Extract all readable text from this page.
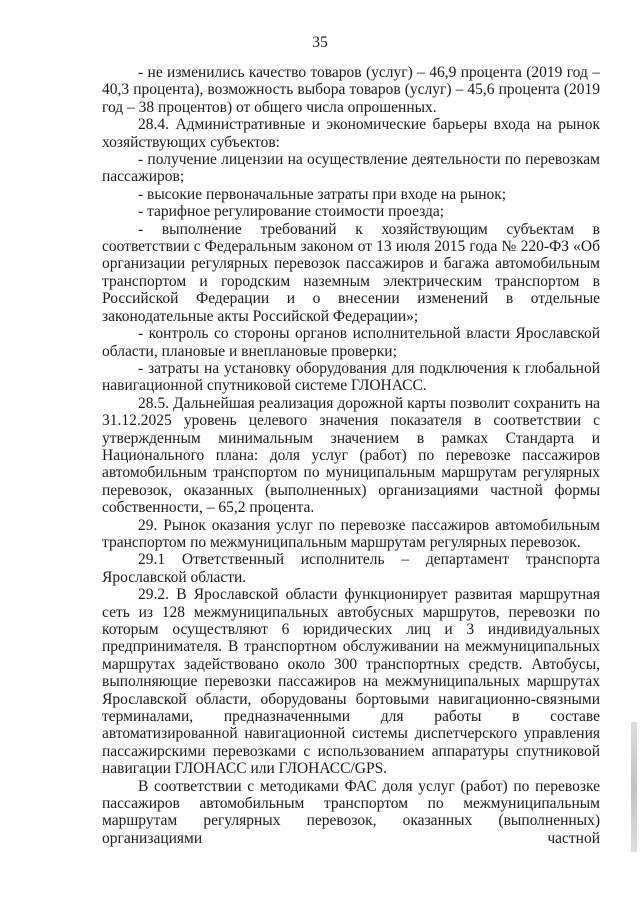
35

- не изменились качество товаров (услуг) – 46,9 процента (2019 год – 40,3 процента), возможность выбора товаров (услуг) – 45,6 процента (2019 год – 38 процентов) от общего числа опрошенных.

28.4. Административные и экономические барьеры входа на рынок хозяйствующих субъектов:

- получение лицензии на осуществление деятельности по перевозкам пассажиров;

- высокие первоначальные затраты при входе на рынок;

- тарифное регулирование стоимости проезда;

- выполнение требований к хозяйствующим субъектам в соответствии с Федеральным законом от 13 июля 2015 года № 220-ФЗ «Об организации регулярных перевозок пассажиров и багажа автомобильным транспортом и городским наземным электрическим транспортом в Российской Федерации и о внесении изменений в отдельные законодательные акты Российской Федерации»;

- контроль со стороны органов исполнительной власти Ярославской области, плановые и внеплановые проверки;

- затраты на установку оборудования для подключения к глобальной навигационной спутниковой системе ГЛОНАСС.

28.5. Дальнейшая реализация дорожной карты позволит сохранить на 31.12.2025 уровень целевого значения показателя в соответствии с утвержденным минимальным значением в рамках Стандарта и Национального плана: доля услуг (работ) по перевозке пассажиров автомобильным транспортом по муниципальным маршрутам регулярных перевозок, оказанных (выполненных) организациями частной формы собственности, – 65,2 процента.

29. Рынок оказания услуг по перевозке пассажиров автомобильным транспортом по межмуниципальным маршрутам регулярных перевозок.

29.1 Ответственный исполнитель – департамент транспорта Ярославской области.

29.2. В Ярославской области функционирует развитая маршрутная сеть из 128 межмуниципальных автобусных маршрутов, перевозки по которым осуществляют 6 юридических лиц и 3 индивидуальных предпринимателя. В транспортном обслуживании на межмуниципальных маршрутах задействовано около 300 транспортных средств. Автобусы, выполняющие перевозки пассажиров на межмуниципальных маршрутах Ярославской области, оборудованы бортовыми навигационно-связными терминалами, предназначенными для работы в составе автоматизированной навигационной системы диспетчерского управления пассажирскими перевозками с использованием аппаратуры спутниковой навигации ГЛОНАСС или ГЛОНАСС/GPS.

В соответствии с методиками ФАС доля услуг (работ) по перевозке пассажиров автомобильным транспортом по межмуниципальным маршрутам регулярных перевозок, оказанных (выполненных) организациями частной
